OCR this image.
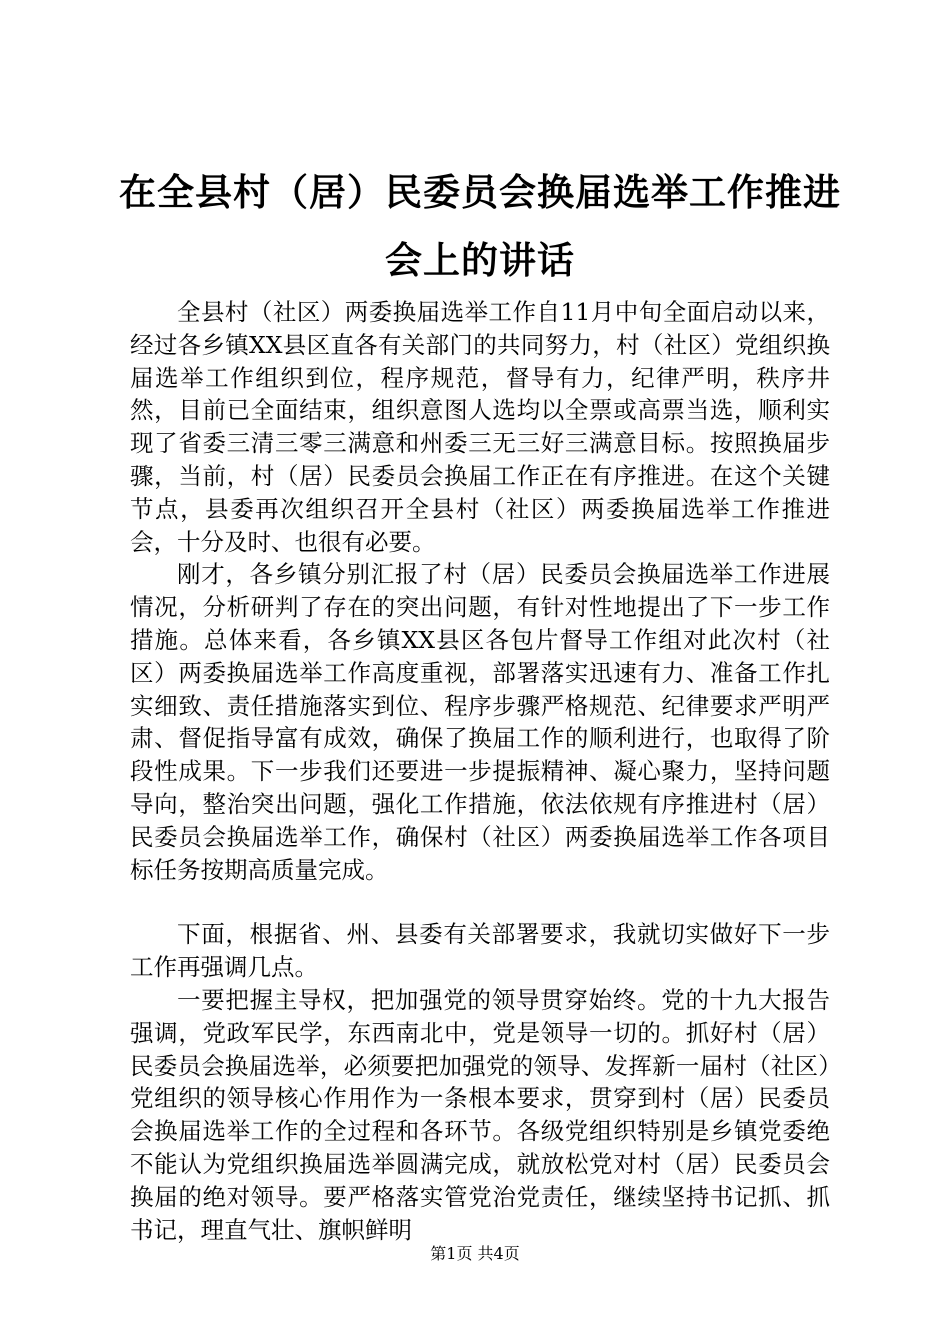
在全县村（居）民委员会换届选举工作推进会上的讲话

全县村（社区）两委换届选举工作自11月中旬全面启动以来，经过各乡镇XX县区直各有关部门的共同努力，村（社区）党组织换届选举工作组织到位，程序规范，督导有力，纪律严明，秩序井然，目前已全面结束，组织意图人选均以全票或高票当选，顺利实现了省委三清三零三满意和州委三无三好三满意目标。按照换届步骤，当前，村（居）民委员会换届工作正在有序推进。在这个关键节点，县委再次组织召开全县村（社区）两委换届选举工作推进会，十分及时、也很有必要。

刚才，各乡镇分别汇报了村（居）民委员会换届选举工作进展情况，分析研判了存在的突出问题，有针对性地提出了下一步工作措施。总体来看，各乡镇XX县区各包片督导工作组对此次村（社区）两委换届选举工作高度重视，部署落实迅速有力、准备工作扎实细致、责任措施落实到位、程序步骤严格规范、纪律要求严明严肃、督促指导富有成效，确保了换届工作的顺利进行，也取得了阶段性成果。下一步我们还要进一步提振精神、凝心聚力，坚持问题导向，整治突出问题，强化工作措施，依法依规有序推进村（居）民委员会换届选举工作，确保村（社区）两委换届选举工作各项目标任务按期高质量完成。

下面，根据省、州、县委有关部署要求，我就切实做好下一步工作再强调几点。

一要把握主导权，把加强党的领导贯穿始终。党的十九大报告强调，党政军民学，东西南北中，党是领导一切的。抓好村（居）民委员会换届选举，必须要把加强党的领导、发挥新一届村（社区）党组织的领导核心作用作为一条根本要求，贯穿到村（居）民委员会换届选举工作的全过程和各环节。各级党组织特别是乡镇党委绝不能认为党组织换届选举圆满完成，就放松党对村（居）民委员会换届的绝对领导。要严格落实管党治党责任，继续坚持书记抓、抓书记，理直气壮、旗帜鲜明

第1页 共4页
